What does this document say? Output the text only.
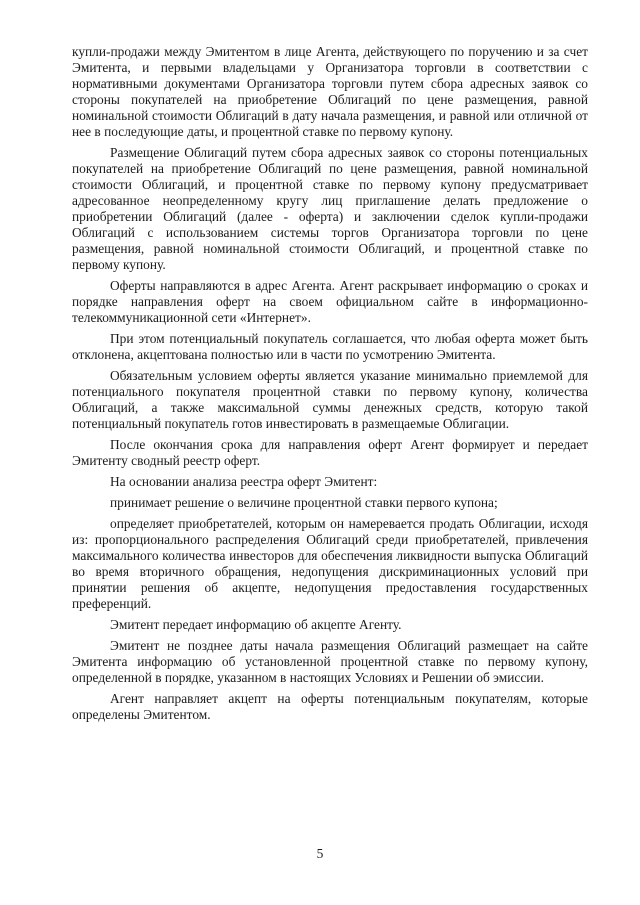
купли-продажи между Эмитентом в лице Агента, действующего по поручению и за счет Эмитента, и первыми владельцами у Организатора торговли в соответствии с нормативными документами Организатора торговли путем сбора адресных заявок со стороны покупателей на приобретение Облигаций по цене размещения, равной номинальной стоимости Облигаций в дату начала размещения, и равной или отличной от нее в последующие даты, и процентной ставке по первому купону.

Размещение Облигаций путем сбора адресных заявок со стороны потенциальных покупателей на приобретение Облигаций по цене размещения, равной номинальной стоимости Облигаций, и процентной ставке по первому купону предусматривает адресованное неопределенному кругу лиц приглашение делать предложение о приобретении Облигаций (далее - оферта) и заключении сделок купли-продажи Облигаций с использованием системы торгов Организатора торговли по цене размещения, равной номинальной стоимости Облигаций, и процентной ставке по первому купону.

Оферты направляются в адрес Агента. Агент раскрывает информацию о сроках и порядке направления оферт на своем официальном сайте в информационно-телекоммуникационной сети «Интернет».

При этом потенциальный покупатель соглашается, что любая оферта может быть отклонена, акцептована полностью или в части по усмотрению Эмитента.

Обязательным условием оферты является указание минимально приемлемой для потенциального покупателя процентной ставки по первому купону, количества Облигаций, а также максимальной суммы денежных средств, которую такой потенциальный покупатель готов инвестировать в размещаемые Облигации.

После окончания срока для направления оферт Агент формирует и передает Эмитенту сводный реестр оферт.

На основании анализа реестра оферт Эмитент:

принимает решение о величине процентной ставки первого купона;

определяет приобретателей, которым он намеревается продать Облигации, исходя из: пропорционального распределения Облигаций среди приобретателей, привлечения максимального количества инвесторов для обеспечения ликвидности выпуска Облигаций во время вторичного обращения, недопущения дискриминационных условий при принятии решения об акцепте, недопущения предоставления государственных преференций.

Эмитент передает информацию об акцепте Агенту.

Эмитент не позднее даты начала размещения Облигаций размещает на сайте Эмитента информацию об установленной процентной ставке по первому купону, определенной в порядке, указанном в настоящих Условиях и Решении об эмиссии.

Агент направляет акцепт на оферты потенциальным покупателям, которые определены Эмитентом.

5
